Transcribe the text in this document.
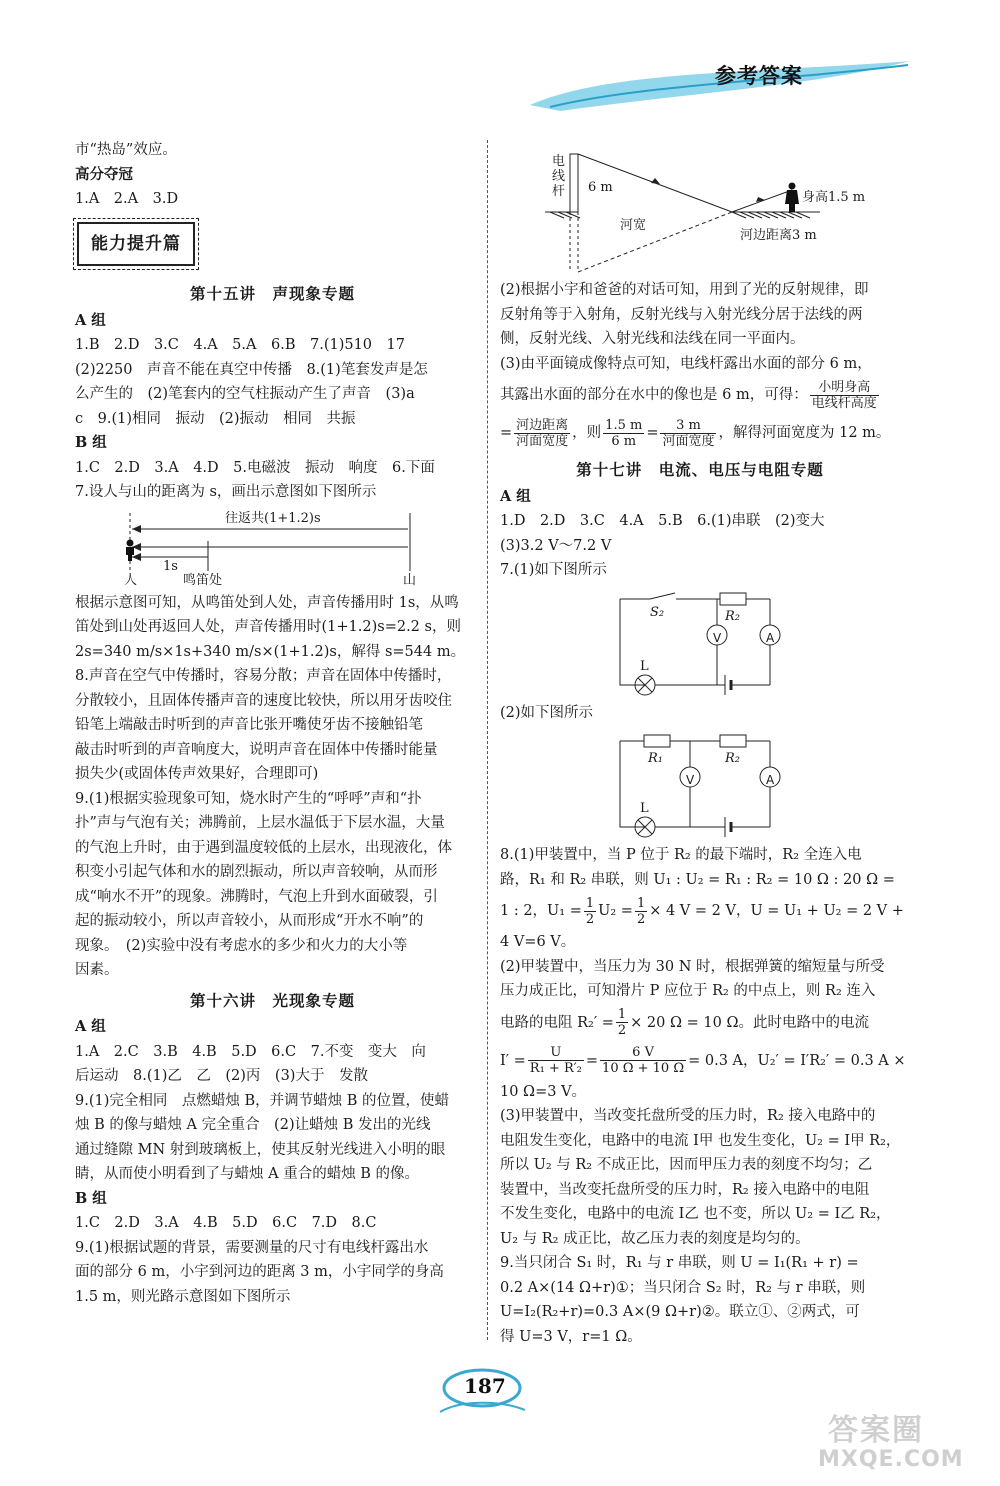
参考答案
市“热岛”效应。
高分夺冠
1.A　2.A　3.D
能力提升篇
第十五讲　声现象专题
A 组
1.B　2.D　3.C　4.A　5.A　6.B　7.(1)510　17
(2)2250　声音不能在真空中传播　8.(1)笔套发声是怎
么产生的　(2)笔套内的空气柱振动产生了声音　(3)a
c　9.(1)相同　振动　(2)振动　相同　共振
B 组
1.C　2.D　3.A　4.D　5.电磁波　振动　响度　6.下面
7.设人与山的距离为 s，画出示意图如下图所示
往返共(1+1.2)s
1s
人	鸣笛处	山
根据示意图可知，从鸣笛处到人处，声音传播用时 1s，从鸣
笛处到山处再返回人处，声音传播用时(1+1.2)s=2.2 s，则
2s=340 m/s×1s+340 m/s×(1+1.2)s，解得 s=544 m。
8.声音在空气中传播时，容易分散；声音在固体中传播时，
分散较小，且固体传播声音的速度比较快，所以用牙齿咬住
铅笔上端敲击时听到的声音比张开嘴使牙齿不接触铅笔
敲击时听到的声音响度大，说明声音在固体中传播时能量
损失少(或固体传声效果好，合理即可)
9.(1)根据实验现象可知，烧水时产生的“呼呼”声和“扑
扑”声与气泡有关；沸腾前，上层水温低于下层水温，大量
的气泡上升时，由于遇到温度较低的上层水，出现液化，体
积变小引起气体和水的剧烈振动，所以声音较响，从而形
成“响水不开”的现象。沸腾时，气泡上升到水面破裂，引
起的振动较小，所以声音较小，从而形成“开水不响”的
现象。　(2)实验中没有考虑水的多少和火力的大小等
因素。
第十六讲　光现象专题
A 组
1.A　2.C　3.B　4.B　5.D　6.C　7.不变　变大　向
后运动　8.(1)乙　乙　(2)丙　(3)大于　发散
9.(1)完全相同　点燃蜡烛 B，并调节蜡烛 B 的位置，使蜡
烛 B 的像与蜡烛 A 完全重合　(2)让蜡烛 B 发出的光线
通过缝隙 MN 射到玻璃板上，使其反射光线进入小明的眼
睛，从而使小明看到了与蜡烛 A 重合的蜡烛 B 的像。
B 组
1.C　2.D　3.A　4.B　5.D　6.C　7.D　8.C
9.(1)根据试题的背景，需要测量的尺寸有电线杆露出水
面的部分 6 m，小宇到河边的距离 3 m，小宇同学的身高
1.5 m，则光路示意图如下图所示
电线杆 6 m
河宽
河边距离3 m
身高1.5 m
(2)根据小宇和爸爸的对话可知，用到了光的反射规律，即
反射角等于入射角，反射光线与入射光线分居于法线的两
侧，反射光线、入射光线和法线在同一平面内。
(3)由平面镜成像特点可知，电线杆露出水面的部分 6 m，
其露出水面的部分在水中的像也是 6 m，可得： $\frac{\text{小明身高}}{\text{电线杆高度}}$
= $\frac{\text{河边距离}}{\text{河面宽度}}$ ，则 $\frac{1.5 m}{6 m} = \frac{3 m}{\text{河面宽度}}$ ，解得河面宽度为 12 m。
第十七讲　电流、电压与电阻专题
A 组
1.D　2.D　3.C　4.A　5.B　6.(1)串联　(2)变大
(3)3.2 V～7.2 V
7.(1)如下图所示
S₂	R₂
V	A
L
(2)如下图所示
R₁	R₂
V	A
L
8.(1)甲装置中，当 P 位于 R₂ 的最下端时，R₂ 全连入电
路，R₁ 和 R₂ 串联，则 U₁ : U₂ = R₁ : R₂ = 10 Ω : 20 Ω =
1 : 2，$U_1 = \frac{1}{2} U_2 = \frac{1}{2} \times 4$ V = 2 V，U = U₁ + U₂ = 2 V +
4 V=6 V。
(2)甲装置中，当压力为 30 N 时，根据弹簧的缩短量与所受
压力成正比，可知滑片 P 应位于 R₂ 的中点上，则 R₂ 连入
电路的电阻 $R_2' = \frac{1}{2} \times 20$ Ω = 10 Ω。此时电路中的电流
$I' = \frac{U}{\text{R₁ + R′₂}} = \frac{6 V}{10 \Omega + 10 \Omega} = 0.3$ A，U₂′ = I′R₂′ = 0.3 A ×
10 Ω=3 V。
(3)甲装置中，当改变托盘所受的压力时，R₂ 接入电路中的
电阻发生变化，电路中的电流 I甲 也发生变化，U₂ = I甲 R₂，
所以 U₂ 与 R₂ 不成正比，因而甲压力表的刻度不均匀；乙
装置中，当改变托盘所受的压力时，R₂ 接入电路中的电阻
不发生变化，电路中的电流 I乙 也不变，所以 U₂ = I乙 R₂，
U₂ 与 R₂ 成正比，故乙压力表的刻度是均匀的。
9.当只闭合 S₁ 时，R₁ 与 r 串联，则 U = I₁(R₁ + r) =
0.2 A×(14 Ω+r)①；当只闭合 S₂ 时，R₂ 与 r 串联，则
U=I₂(R₂+r)=0.3 A×(9 Ω+r)②。联立①、②两式，可
得 U=3 V，r=1 Ω。
187
答案圈
MXQE.COM
